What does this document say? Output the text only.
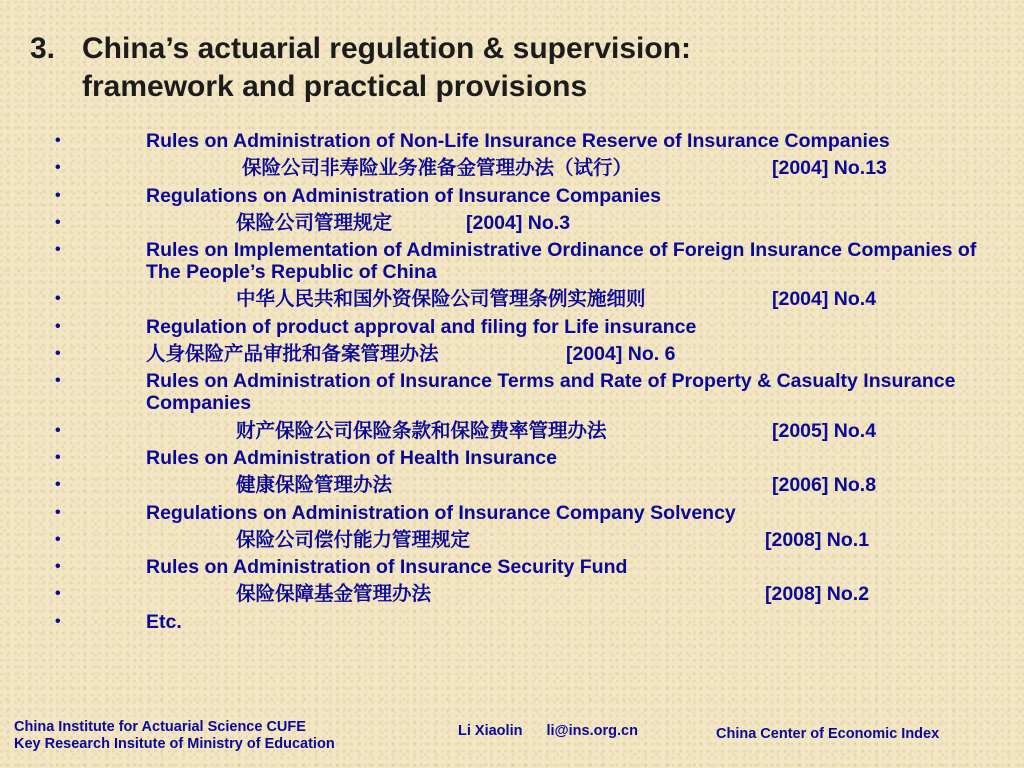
3. China’s actuarial regulation & supervision:
framework and practical provisions
•	Rules on Administration of Non-Life Insurance Reserve of Insurance Companies
•	保险公司非寿险业务准备金管理办法（试行）	[2004] No.13
•	Regulations on Administration of Insurance Companies
•	保险公司管理规定	[2004] No.3
•	Rules on Implementation of Administrative Ordinance of Foreign Insurance Companies of The People’s Republic of China
•	中华人民共和国外资保险公司管理条例实施细则	[2004] No.4
•	Regulation of product approval and filing for Life insurance
•	人身保险产品审批和备案管理办法	[2004] No. 6
•	Rules on Administration of Insurance Terms and Rate of Property & Casualty Insurance Companies
•	财产保险公司保险条款和保险费率管理办法	[2005] No.4
•	Rules on Administration of Health Insurance
•	健康保险管理办法	[2006] No.8
•	Regulations on Administration of Insurance Company Solvency
•	保险公司偿付能力管理规定	[2008] No.1
•	Rules on Administration of Insurance Security Fund
•	保险保障基金管理办法	[2008] No.2
•	Etc.
China Institute for Actuarial Science CUFE
Key Research Insitute of Ministry of Education
Li Xiaolin li@ins.org.cn	China Center of Economic Index
